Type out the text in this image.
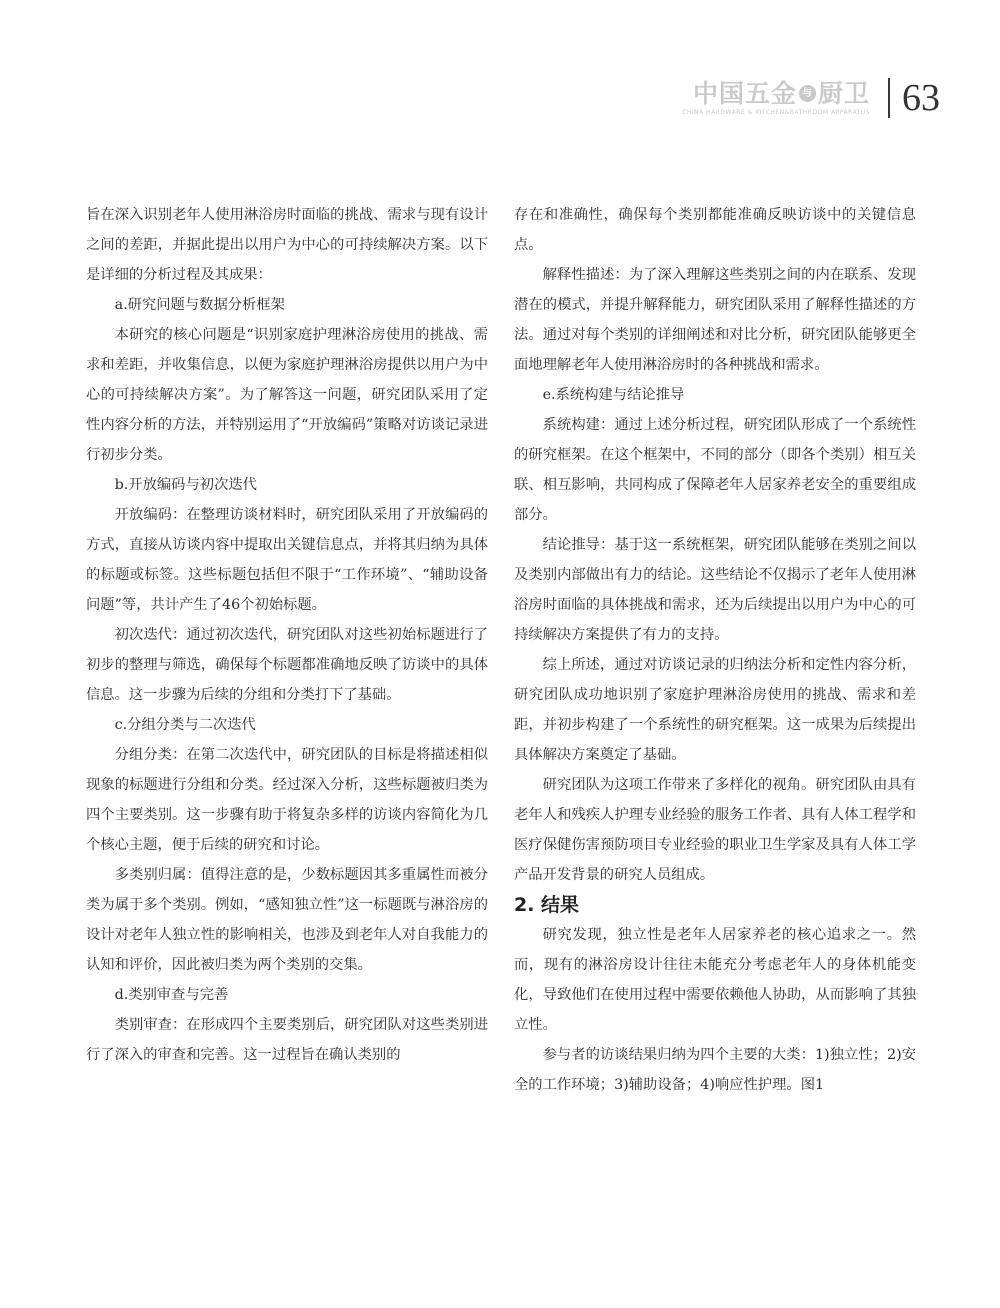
中国五金 与 厨卫
CHINA HARDWARE & KITCHEN&BATHROOM APPARATUS 63

旨在深入识别老年人使用淋浴房时面临的挑战、需求与现有设计之间的差距，并据此提出以用户为中心的可持续解决方案。以下是详细的分析过程及其成果：

a.研究问题与数据分析框架

本研究的核心问题是“识别家庭护理淋浴房使用的挑战、需求和差距，并收集信息，以便为家庭护理淋浴房提供以用户为中心的可持续解决方案”。为了解答这一问题，研究团队采用了定性内容分析的方法，并特别运用了“开放编码”策略对访谈记录进行初步分类。

b.开放编码与初次迭代

开放编码：在整理访谈材料时，研究团队采用了开放编码的方式，直接从访谈内容中提取出关键信息点，并将其归纳为具体的标题或标签。这些标题包括但不限于“工作环境”、“辅助设备问题”等，共计产生了46个初始标题。

初次迭代：通过初次迭代，研究团队对这些初始标题进行了初步的整理与筛选，确保每个标题都准确地反映了访谈中的具体信息。这一步骤为后续的分组和分类打下了基础。

c.分组分类与二次迭代

分组分类：在第二次迭代中，研究团队的目标是将描述相似现象的标题进行分组和分类。经过深入分析，这些标题被归类为四个主要类别。这一步骤有助于将复杂多样的访谈内容简化为几个核心主题，便于后续的研究和讨论。

多类别归属：值得注意的是，少数标题因其多重属性而被分类为属于多个类别。例如，“感知独立性”这一标题既与淋浴房的设计对老年人独立性的影响相关，也涉及到老年人对自我能力的认知和评价，因此被归类为两个类别的交集。

d.类别审查与完善

类别审查：在形成四个主要类别后，研究团队对这些类别进行了深入的审查和完善。这一过程旨在确认类别的

存在和准确性，确保每个类别都能准确反映访谈中的关键信息点。

解释性描述：为了深入理解这些类别之间的内在联系、发现潜在的模式，并提升解释能力，研究团队采用了解释性描述的方法。通过对每个类别的详细阐述和对比分析，研究团队能够更全面地理解老年人使用淋浴房时的各种挑战和需求。

e.系统构建与结论推导

系统构建：通过上述分析过程，研究团队形成了一个系统性的研究框架。在这个框架中，不同的部分（即各个类别）相互关联、相互影响，共同构成了保障老年人居家养老安全的重要组成部分。

结论推导：基于这一系统框架，研究团队能够在类别之间以及类别内部做出有力的结论。这些结论不仅揭示了老年人使用淋浴房时面临的具体挑战和需求，还为后续提出以用户为中心的可持续解决方案提供了有力的支持。

综上所述，通过对访谈记录的归纳法分析和定性内容分析，研究团队成功地识别了家庭护理淋浴房使用的挑战、需求和差距，并初步构建了一个系统性的研究框架。这一成果为后续提出具体解决方案奠定了基础。

研究团队为这项工作带来了多样化的视角。研究团队由具有老年人和残疾人护理专业经验的服务工作者、具有人体工程学和医疗保健伤害预防项目专业经验的职业卫生学家及具有人体工学产品开发背景的研究人员组成。

2. 结果

研究发现，独立性是老年人居家养老的核心追求之一。然而，现有的淋浴房设计往往未能充分考虑老年人的身体机能变化，导致他们在使用过程中需要依赖他人协助，从而影响了其独立性。

参与者的访谈结果归纳为四个主要的大类：1)独立性；2)安全的工作环境；3)辅助设备；4)响应性护理。图1
